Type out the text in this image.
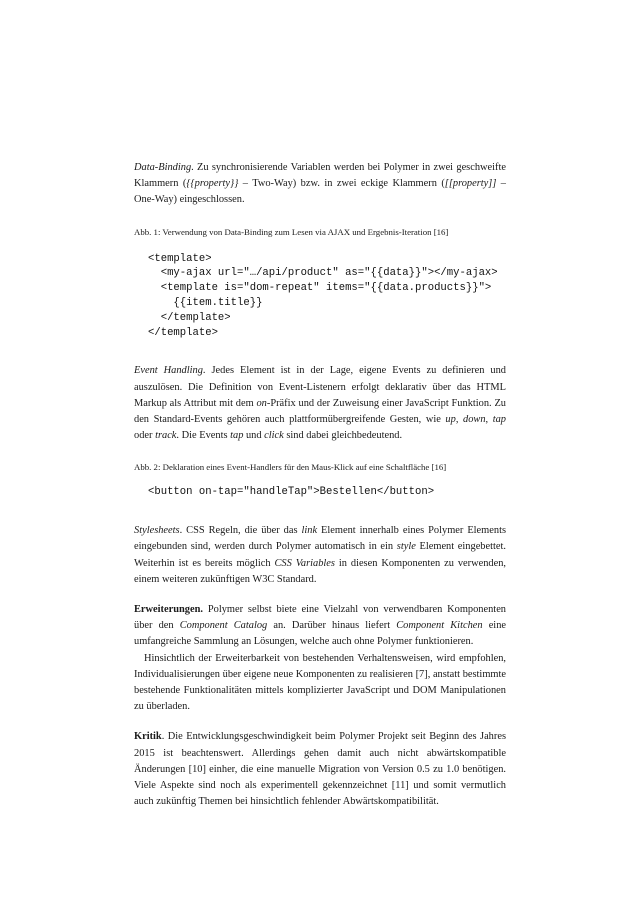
Data-Binding. Zu synchronisierende Variablen werden bei Polymer in zwei geschweifte Klammern ({{property}} – Two-Way) bzw. in zwei eckige Klammern ([[property]] – One-Way) eingeschlossen.

Abb. 1: Verwendung von Data-Binding zum Lesen via AJAX und Ergebnis-Iteration [16]

<template>
<my-ajax url="…/api/product" as="{{data}}"></my-ajax>
<template is="dom-repeat" items="{{data.products}}">
{{item.title}}
</template>
</template>

Event Handling. Jedes Element ist in der Lage, eigene Events zu definieren und auszulösen. Die Definition von Event-Listenern erfolgt deklarativ über das HTML Markup als Attribut mit dem on-Präfix und der Zuweisung einer JavaScript Funktion. Zu den Standard-Events gehören auch plattformübergreifende Gesten, wie up, down, tap oder track. Die Events tap und click sind dabei gleichbedeutend.

Abb. 2: Deklaration eines Event-Handlers für den Maus-Klick auf eine Schaltfläche [16]

<button on-tap="handleTap">Bestellen</button>

Stylesheets. CSS Regeln, die über das link Element innerhalb eines Polymer Elements eingebunden sind, werden durch Polymer automatisch in ein style Element eingebettet. Weiterhin ist es bereits möglich CSS Variables in diesen Komponenten zu verwenden, einem weiteren zukünftigen W3C Standard.

Erweiterungen. Polymer selbst biete eine Vielzahl von verwendbaren Komponenten über den Component Catalog an. Darüber hinaus liefert Component Kitchen eine umfangreiche Sammlung an Lösungen, welche auch ohne Polymer funktionieren.

Hinsichtlich der Erweiterbarkeit von bestehenden Verhaltensweisen, wird empfohlen, Individualisierungen über eigene neue Komponenten zu realisieren [7], anstatt bestimmte bestehende Funktionalitäten mittels komplizierter JavaScript und DOM Manipulationen zu überladen.

Kritik. Die Entwicklungsgeschwindigkeit beim Polymer Projekt seit Beginn des Jahres 2015 ist beachtenswert. Allerdings gehen damit auch nicht abwärtskompatible Änderungen [10] einher, die eine manuelle Migration von Version 0.5 zu 1.0 benötigen. Viele Aspekte sind noch als experimentell gekennzeichnet [11] und somit vermutlich auch zukünftig Themen bei hinsichtlich fehlender Abwärtskompatibilität.
